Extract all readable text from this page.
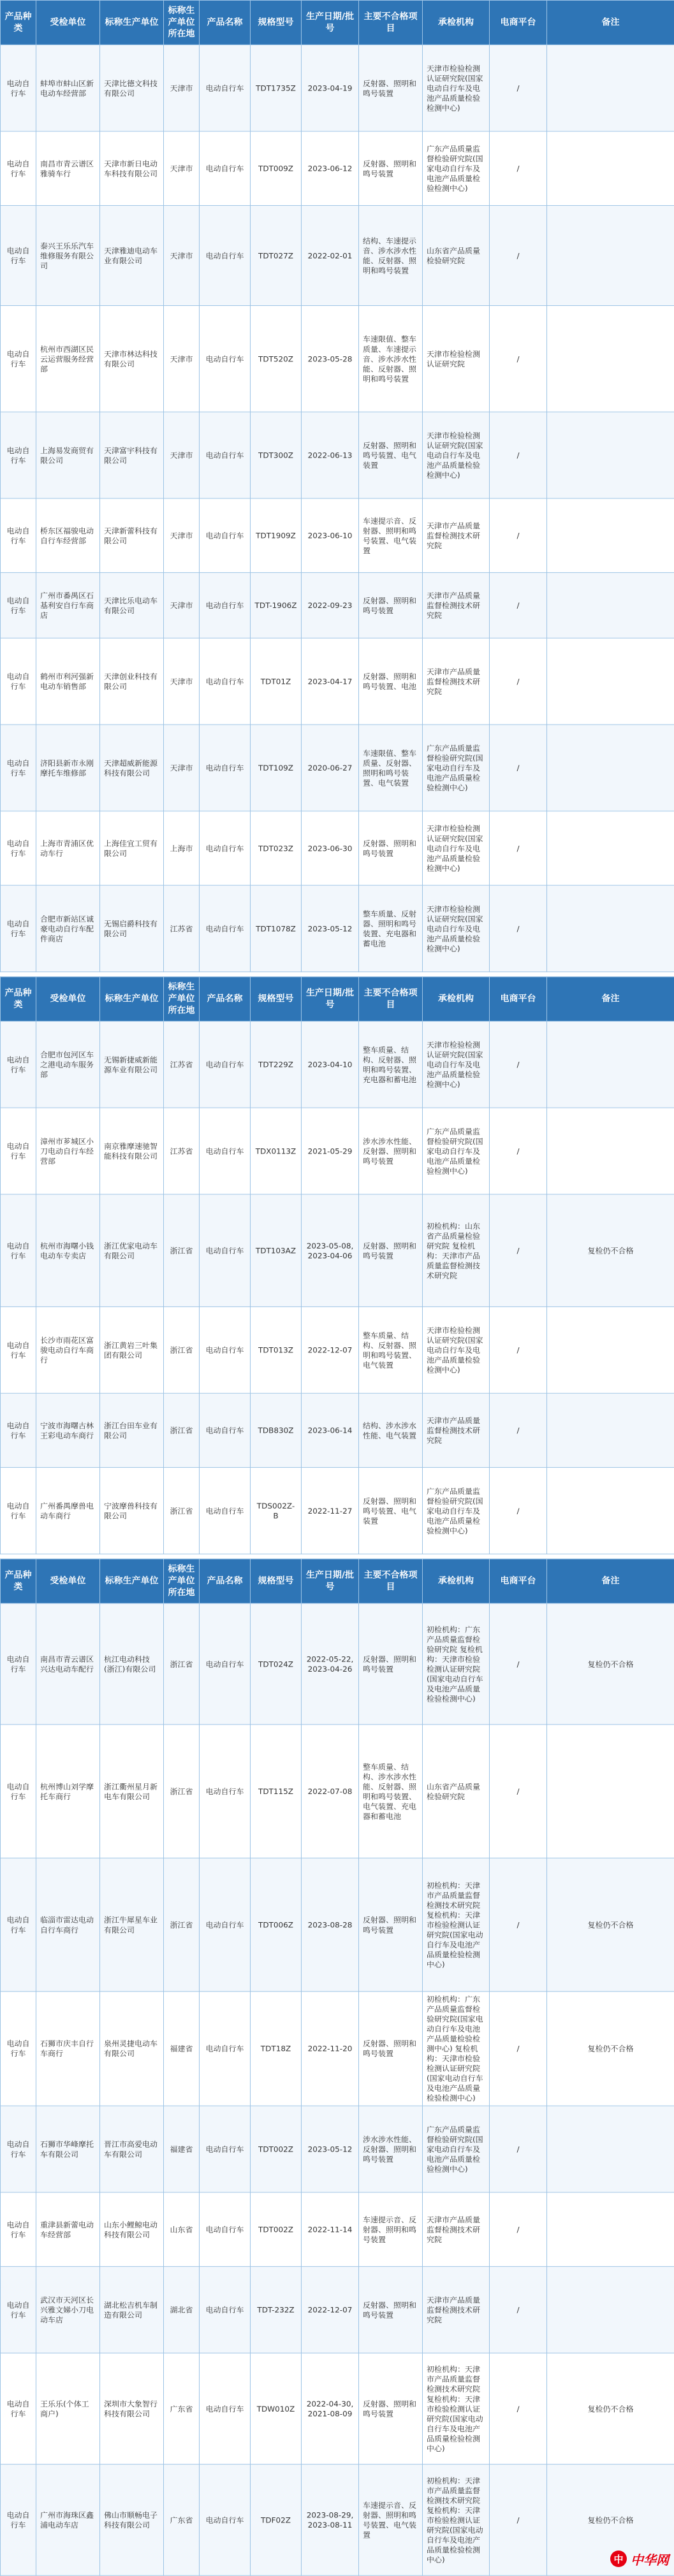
产品种类	受检单位	标称生产单位	标称生产单位所在地	产品名称	规格型号	生产日期/批号	主要不合格项目	承检机构	电商平台	备注
电动自行车	蚌埠市蚌山区新电动车经营部	天津比德文科技有限公司	天津市	电动自行车	TDT1735Z	2023-04-19	反射器、照明和鸣号装置	天津市检验检测认证研究院(国家电动自行车及电池产品质量检验检测中心)	/	
电动自行车	南昌市青云谱区雅骑车行	天津市新日电动车科技有限公司	天津市	电动自行车	TDT009Z	2023-06-12	反射器、照明和鸣号装置	广东产品质量监督检验研究院(国家电动自行车及电池产品质量检验检测中心)	/	
电动自行车	泰兴王乐乐汽车维修服务有限公司	天津雅迪电动车业有限公司	天津市	电动自行车	TDT027Z	2022-02-01	结构、车速提示音、涉水涉水性能、反射器、照明和鸣号装置	山东省产品质量检验研究院	/	
电动自行车	杭州市西湖区民云运营服务经营部	天津市林达科技有限公司	天津市	电动自行车	TDT520Z	2023-05-28	车速限值、整车质量、车速提示音、涉水涉水性能、反射器、照明和鸣号装置	天津市检验检测认证研究院	/	
电动自行车	上海易发商贸有限公司	天津富宇科技有限公司	天津市	电动自行车	TDT300Z	2022-06-13	反射器、照明和鸣号装置、电气装置	天津市检验检测认证研究院(国家电动自行车及电池产品质量检验检测中心)	/	
电动自行车	桥东区福骏电动自行车经营部	天津新蕾科技有限公司	天津市	电动自行车	TDT1909Z	2023-06-10	车速提示音、反射器、照明和鸣号装置、电气装置	天津市产品质量监督检测技术研究院	/	
电动自行车	广州市番禺区石基利安自行车商店	天津比乐电动车有限公司	天津市	电动自行车	TDT-1906Z	2022-09-23	反射器、照明和鸣号装置	天津市产品质量监督检测技术研究院	/	
电动自行车	鹤州市利河强新电动车销售部	天津创业科技有限公司	天津市	电动自行车	TDT01Z	2023-04-17	反射器、照明和鸣号装置、电池	天津市产品质量监督检测技术研究院	/	
电动自行车	济阳县新市永刚摩托车维修部	天津超威新能源科技有限公司	天津市	电动自行车	TDT109Z	2020-06-27	车速限值、整车质量、反射器、照明和鸣号装置、电气装置	广东产品质量监督检验研究院(国家电动自行车及电池产品质量检验检测中心)	/	
电动自行车	上海市青浦区优动车行	上海佳宜工贸有限公司	上海市	电动自行车	TDT023Z	2023-06-30	反射器、照明和鸣号装置	天津市检验检测认证研究院(国家电动自行车及电池产品质量检验检测中心)	/	
电动自行车	合肥市新站区诚豪电动自行车配件商店	无锡启爵科技有限公司	江苏省	电动自行车	TDT1078Z	2023-05-12	整车质量、反射器、照明和鸣号装置、充电器和蓄电池	天津市检验检测认证研究院(国家电动自行车及电池产品质量检验检测中心)	/	
产品种类	受检单位	标称生产单位	标称生产单位所在地	产品名称	规格型号	生产日期/批号	主要不合格项目	承检机构	电商平台	备注
电动自行车	合肥市包河区车之港电动车服务部	无锡新捷威新能源车业有限公司	江苏省	电动自行车	TDT229Z	2023-04-10	整车质量、结构、反射器、照明和鸣号装置、充电器和蓄电池	天津市检验检测认证研究院(国家电动自行车及电池产品质量检验检测中心)	/	
电动自行车	漳州市芗城区小刀电动自行车经营部	南京雅摩速驰智能科技有限公司	江苏省	电动自行车	TDX0113Z	2021-05-29	涉水涉水性能、反射器、照明和鸣号装置	广东产品质量监督检验研究院(国家电动自行车及电池产品质量检验检测中心)	/	
电动自行车	杭州市海曙小钱电动车专卖店	浙江优家电动车有限公司	浙江省	电动自行车	TDT103AZ	2023-05-08, 2023-04-06	反射器、照明和鸣号装置	初检机构：山东省产品质量检验研究院 复检机构：天津市产品质量监督检测技术研究院	/	复检仍不合格
电动自行车	长沙市雨花区富骏电动自行车商行	浙江黄岩三叶集团有限公司	浙江省	电动自行车	TDT013Z	2022-12-07	整车质量、结构、反射器、照明和鸣号装置、电气装置	天津市检验检测认证研究院(国家电动自行车及电池产品质量检验检测中心)	/	
电动自行车	宁波市海曙古林王彩电动车商行	浙江台田车业有限公司	浙江省	电动自行车	TDB830Z	2023-06-14	结构、涉水涉水性能、电气装置	天津市产品质量监督检测技术研究院	/	
电动自行车	广州番禺摩兽电动车商行	宁波摩兽科技有限公司	浙江省	电动自行车	TDS002Z-B	2022-11-27	反射器、照明和鸣号装置、电气装置	广东产品质量监督检验研究院(国家电动自行车及电池产品质量检验检测中心)	/	
产品种类	受检单位	标称生产单位	标称生产单位所在地	产品名称	规格型号	生产日期/批号	主要不合格项目	承检机构	电商平台	备注
电动自行车	南昌市青云谱区兴达电动车配行	杭江电动科技(浙江)有限公司	浙江省	电动自行车	TDT024Z	2022-05-22, 2023-04-26	反射器、照明和鸣号装置	初检机构：广东产品质量监督检验研究院 复检机构：天津市检验检测认证研究院(国家电动自行车及电池产品质量检验检测中心)	/	复检仍不合格
电动自行车	杭州博山刘学摩托车商行	浙江衢州星月新电车有限公司	浙江省	电动自行车	TDT115Z	2022-07-08	整车质量、结构、涉水涉水性能、反射器、照明和鸣号装置、电气装置、充电器和蓄电池	山东省产品质量检验研究院	/	
电动自行车	临淄市雷达电动自行车商行	浙江牛犀星车业有限公司	浙江省	电动自行车	TDT006Z	2023-08-28	反射器、照明和鸣号装置	初检机构：天津市产品质量监督检测技术研究院 复检机构：天津市检验检测认证研究院(国家电动自行车及电池产品质量检验检测中心)	/	复检仍不合格
电动自行车	石狮市庆丰自行车商行	泉州灵捷电动车有限公司	福建省	电动自行车	TDT18Z	2022-11-20	反射器、照明和鸣号装置	初检机构：广东产品质量监督检验研究院(国家电动自行车及电池产品质量检验检测中心) 复检机构：天津市检验检测认证研究院(国家电动自行车及电池产品质量检验检测中心)	/	复检仍不合格
电动自行车	石狮市华峰摩托车有限公司	晋江市高爱电动车有限公司	福建省	电动自行车	TDT002Z	2023-05-12	涉水涉水性能、反射器、照明和鸣号装置	广东产品质量监督检验研究院(国家电动自行车及电池产品质量检验检测中心)	/	
电动自行车	重津县新蕾电动车经营部	山东小鲤鲸电动科技有限公司	山东省	电动自行车	TDT002Z	2022-11-14	车速提示音、反射器、照明和鸣号装置	天津市产品质量监督检测技术研究院	/	
电动自行车	武汉市天河区长兴雅文娣小刀电动车店	湖北松吉机车制造有限公司	湖北省	电动自行车	TDT-232Z	2022-12-07	反射器、照明和鸣号装置	天津市产品质量监督检测技术研究院	/	
电动自行车	王乐乐(个体工商户)	深圳市大象智行科技有限公司	广东省	电动自行车	TDW010Z	2022-04-30, 2021-08-09	反射器、照明和鸣号装置	初检机构：天津市产品质量监督检测技术研究院 复检机构：天津市检验检测认证研究院(国家电动自行车及电池产品质量检验检测中心)	/	复检仍不合格
电动自行车	广州市海珠区鑫浦电动车店	佛山市顺畅电子科技有限公司	广东省	电动自行车	TDF02Z	2023-08-29, 2023-08-11	车速提示音、反射器、照明和鸣号装置、电气装置	初检机构：天津市产品质量监督检测技术研究院 复检机构：天津市检验检测认证研究院(国家电动自行车及电池产品质量检验检测中心)	/	复检仍不合格
中 中华网
